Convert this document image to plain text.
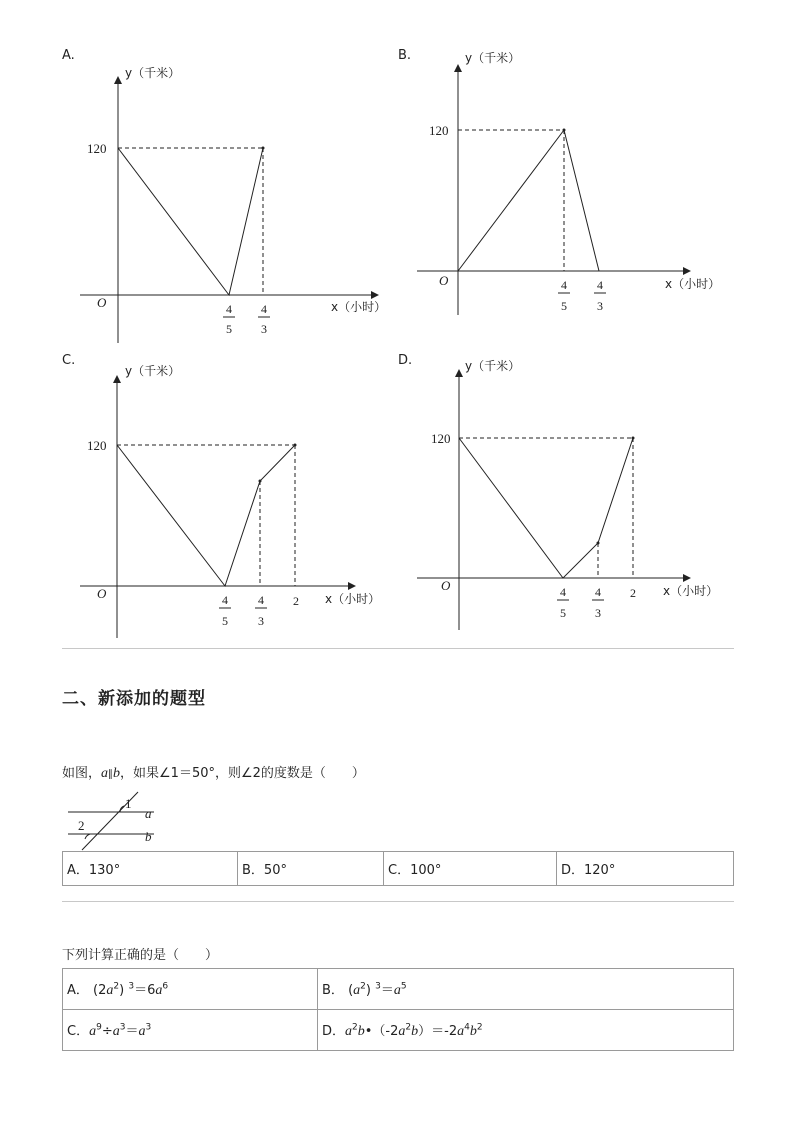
A.
y（千米）
120
O	x（小时）
4
5
4
3
B.	y（千米）
120
O	x（小时）
4
5
4
3
C.
y（千米）
120
O	x（小时）
4
5
4
3
2
D.	y（千米）
120
O	x（小时）
4
5
4
3
2
二、新添加的题型
如图，a∥b，如果∠1＝50°，则∠2的度数是（　　）
1
2
a
b
A．130°	B．50°	C．100°	D．120°
下列计算正确的是（　　）
A． $(2a^2)$ $^3=6a^6$	B． $(a^2)$ $^3=a^5$
C．$a^9\div a^3=a^3$	D．$a^2b•(-2a^2b)=-2a^4b^2$
